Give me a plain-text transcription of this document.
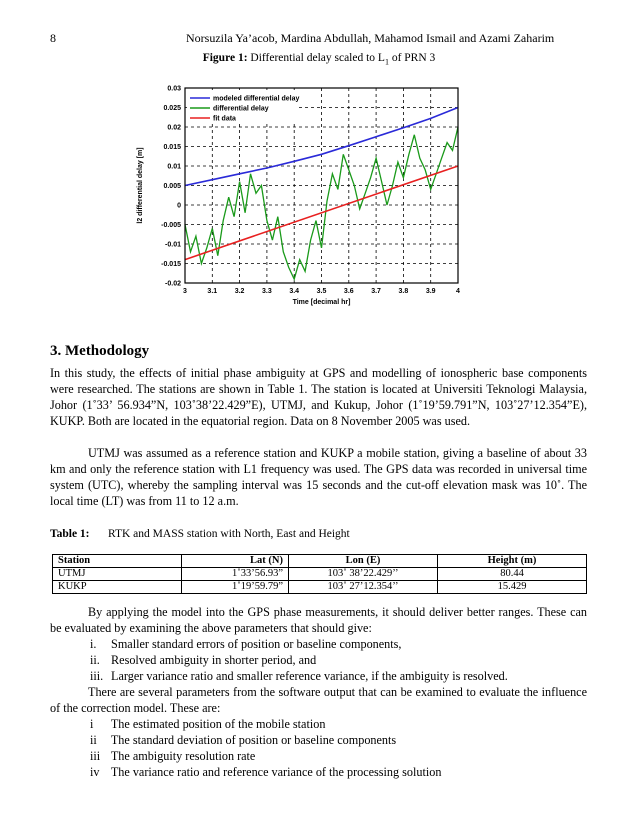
8	Norsuzila Ya’acob, Mardina Abdullah, Mahamod Ismail and Azami Zaharim
Figure 1: Differential delay scaled to $L_1$ of PRN 3
3	3.1	3.2	3.3	3.4	3.5	3.6	3.7	3.8	3.9	4
0.03
0.025
0.02
0.015
0.01
0.005
0
-0.005
-0.01
-0.015
-0.02
modeled differential delay
differential delay
fit data
l2 differential delay [m]
Time [decimal hr]
3. Methodology
In this study, the effects of initial phase ambiguity at GPS and modelling of ionospheric base components were researched. The stations are shown in Table 1. The station is located at Universiti Teknologi Malaysia, Johor (1˚33’ 56.934”N, 103˚38’22.429”E), UTMJ, and Kukup, Johor (1˚19’59.791”N, 103˚27’12.354”E), KUKP. Both are located in the equatorial region. Data on 8 November 2005 was used.
UTMJ was assumed as a reference station and KUKP a mobile station, giving a baseline of about 33 km and only the reference station with L1 frequency was used. The GPS data was recorded in universal time system (UTC), whereby the sampling interval was 15 seconds and the cut-off elevation mask was 10˚. The local time (LT) was from 11 to 12 a.m.
Table 1: RTK and MASS station with North, East and Height
Station	Lat (N)	Lon (E)	Height (m)
UTMJ	1˚33’56.93”	103˚ 38’22.429’’	80.44
KUKP	1˚19’59.79”	103˚ 27’12.354’’	15.429
By applying the model into the GPS phase measurements, it should deliver better ranges. These can be evaluated by examining the above parameters that should give:
i. Smaller standard errors of position or baseline components,
ii. Resolved ambiguity in shorter period, and
iii. Larger variance ratio and smaller reference variance, if the ambiguity is resolved.
There are several parameters from the software output that can be examined to evaluate the influence of the correction model. These are:
i The estimated position of the mobile station
ii The standard deviation of position or baseline components
iii The ambiguity resolution rate
iv The variance ratio and reference variance of the processing solution
